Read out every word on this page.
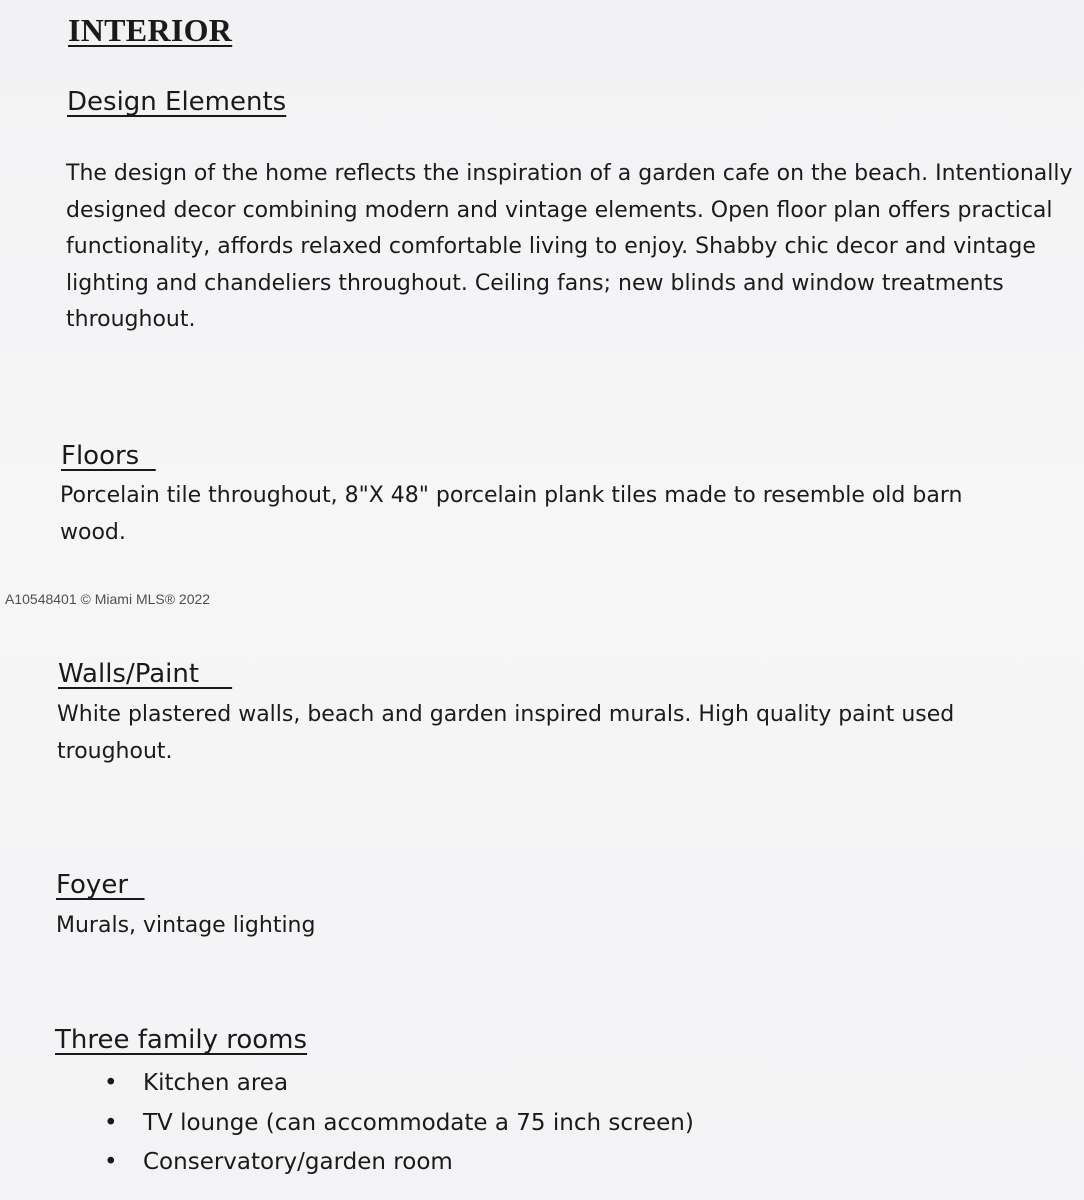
INTERIOR
Design Elements

The design of the home reflects the inspiration of a garden cafe on the beach. Intentionally designed decor combining modern and vintage elements. Open floor plan offers practical functionality, affords relaxed comfortable living to enjoy. Shabby chic decor and vintage lighting and chandeliers throughout. Ceiling fans; new blinds and window treatments throughout.

Floors

Porcelain tile throughout, 8"X 48" porcelain plank tiles made to resemble old barn wood.

A10548401 © Miami MLS® 2022
Walls/Paint

White plastered walls, beach and garden inspired murals. High quality paint used troughout.

Foyer

Murals, vintage lighting

Three family rooms
• Kitchen area
• TV lounge (can accommodate a 75 inch screen)
• Conservatory/garden room
